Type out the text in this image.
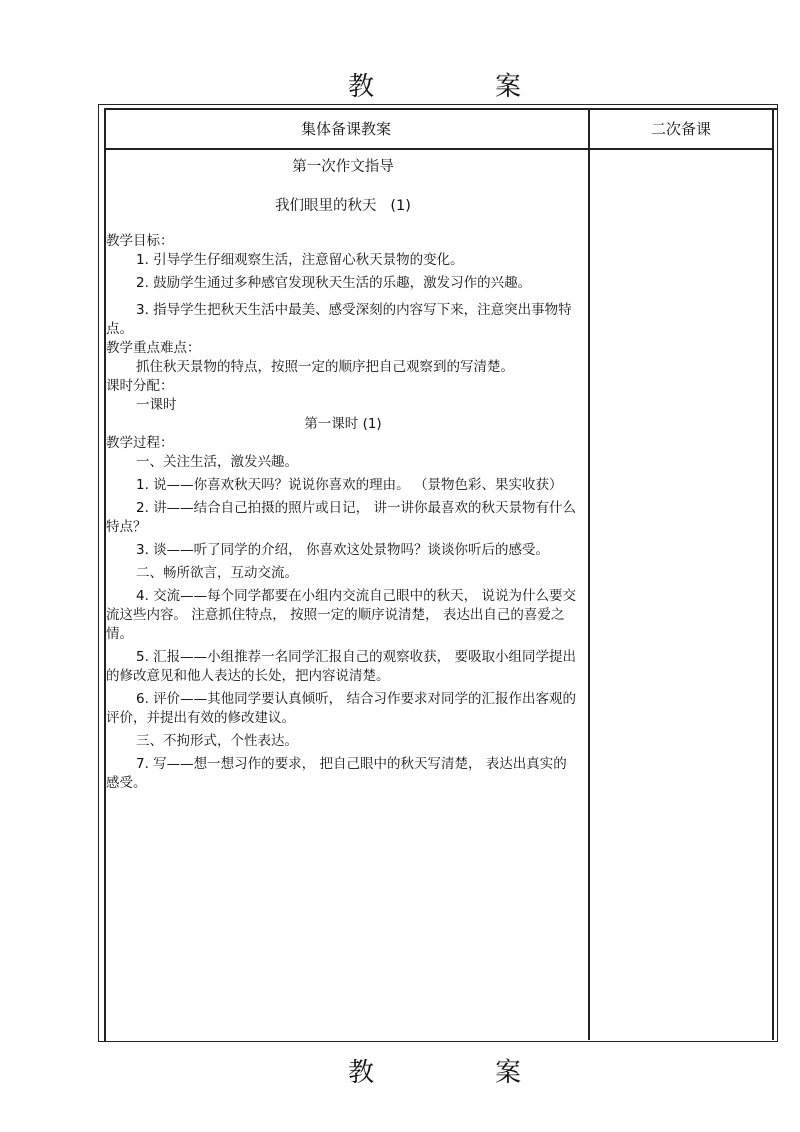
教	案
集体备课教案	二次备课

第一次作文指导

我们眼里的秋天   (1)

教学目标：

1. 引导学生仔细观察生活，注意留心秋天景物的变化。

2. 鼓励学生通过多种感官发现秋天生活的乐趣，激发习作的兴趣。

3. 指导学生把秋天生活中最美、感受深刻的内容写下来，注意突出事物特点。

教学重点难点：

抓住秋天景物的特点，按照一定的顺序把自己观察到的写清楚。

课时分配：

一课时

第一课时 (1)

教学过程：

一、关注生活，激发兴趣。

1. 说——你喜欢秋天吗？说说你喜欢的理由。 （景物色彩、果实收获）

2. 讲——结合自己拍摄的照片或日记， 讲一讲你最喜欢的秋天景物有什么特点？

3. 谈——听了同学的介绍， 你喜欢这处景物吗？谈谈你听后的感受。

二、畅所欲言，互动交流。

4. 交流——每个同学都要在小组内交流自己眼中的秋天， 说说为什么要交流这些内容。 注意抓住特点， 按照一定的顺序说清楚， 表达出自己的喜爱之情。

5. 汇报——小组推荐一名同学汇报自己的观察收获， 要吸取小组同学提出的修改意见和他人表达的长处，把内容说清楚。

6. 评价——其他同学要认真倾听， 结合习作要求对同学的汇报作出客观的评价，并提出有效的修改建议。

三、不拘形式，个性表达。

7. 写——想一想习作的要求， 把自己眼中的秋天写清楚， 表达出真实的感受。

教	案
